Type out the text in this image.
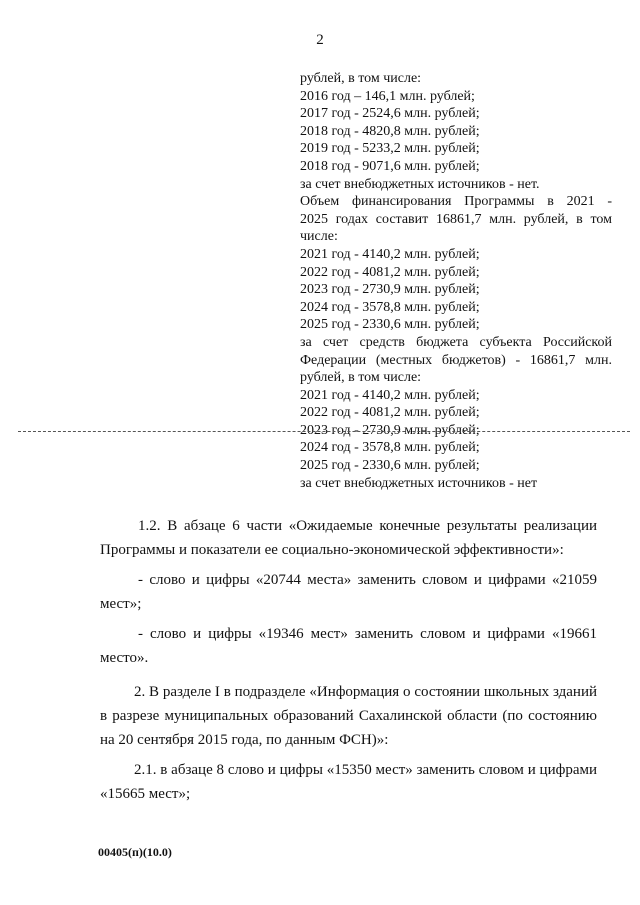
2
рублей, в том числе:
2016 год – 146,1 млн. рублей;
2017 год - 2524,6 млн. рублей;
2018 год - 4820,8 млн. рублей;
2019 год - 5233,2 млн. рублей;
2018 год - 9071,6 млн. рублей;
за счет внебюджетных источников - нет.
Объем финансирования Программы в 2021 -
2025 годах составит 16861,7 млн. рублей, в том
числе:
2021 год - 4140,2 млн. рублей;
2022 год - 4081,2 млн. рублей;
2023 год - 2730,9 млн. рублей;
2024 год - 3578,8 млн. рублей;
2025 год - 2330,6 млн. рублей;
за счет средств бюджета субъекта Российской
Федерации (местных бюджетов) - 16861,7 млн.
рублей, в том числе:
2021 год - 4140,2 млн. рублей;
2022 год - 4081,2 млн. рублей;
2023 год - 2730,9 млн. рублей;
2024 год - 3578,8 млн. рублей;
2025 год - 2330,6 млн. рублей;
за счет внебюджетных источников - нет
1.2. В абзаце 6 части «Ожидаемые конечные результаты реализации Программы и показатели ее социально-экономической эффективности»:
- слово и цифры «20744 места» заменить словом и цифрами «21059 мест»;
- слово и цифры «19346 мест» заменить словом и цифрами «19661 место».
2. В разделе I в подразделе «Информация о состоянии школьных зданий в разрезе муниципальных образований Сахалинской области (по состоянию на 20 сентября 2015 года, по данным ФСН)»:
2.1. в абзаце 8 слово и цифры «15350 мест» заменить словом и цифрами «15665 мест»;
00405(п)(10.0)
